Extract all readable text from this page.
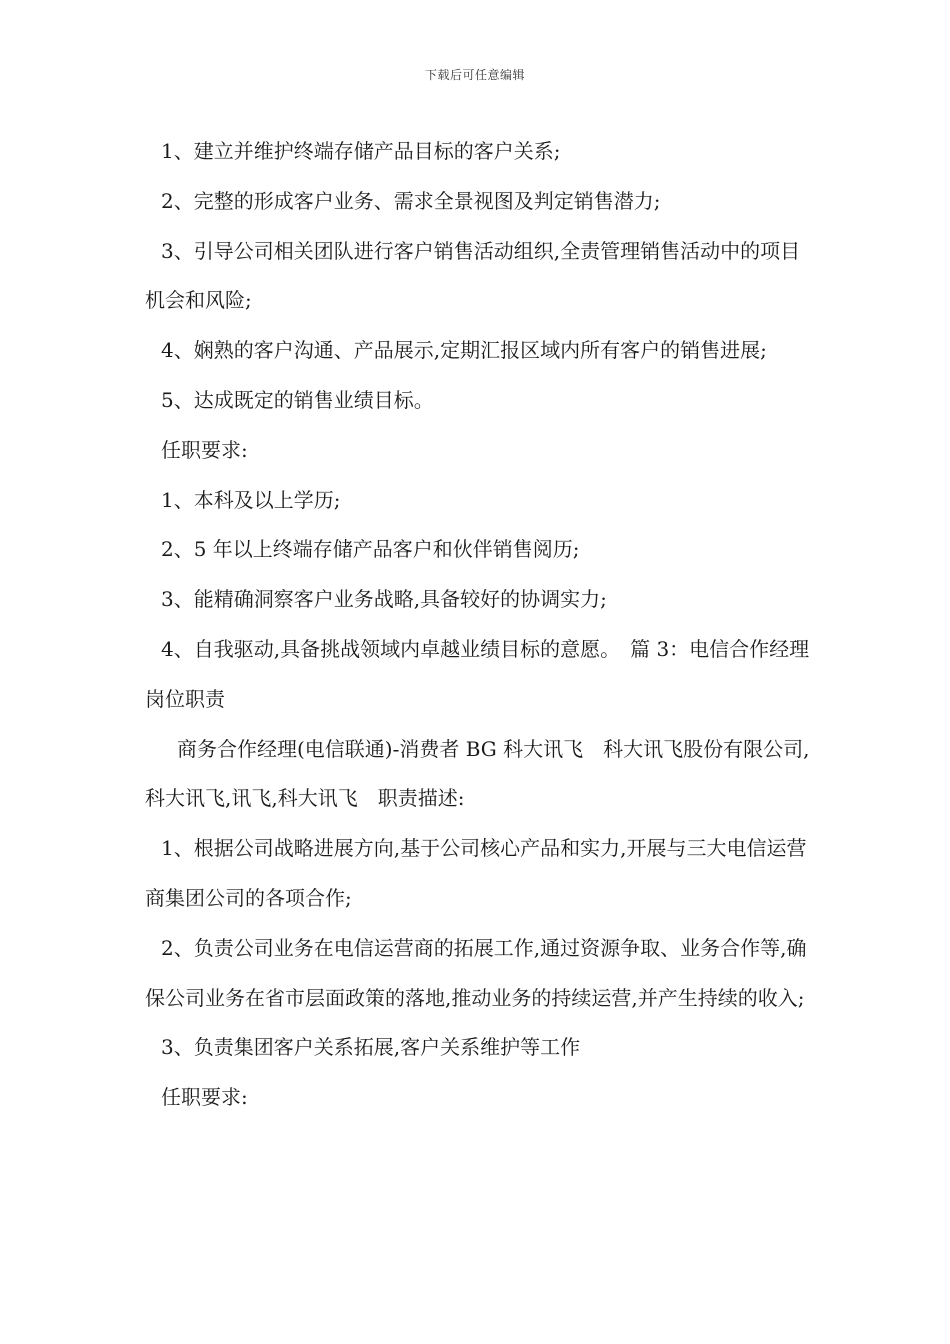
下载后可任意编辑

1、建立并维护终端存储产品目标的客户关系;

2、完整的形成客户业务、需求全景视图及判定销售潜力;

3、引导公司相关团队进行客户销售活动组织,全责管理销售活动中的项目机会和风险;

4、娴熟的客户沟通、产品展示,定期汇报区域内所有客户的销售进展;

5、达成既定的销售业绩目标。

任职要求:

1、本科及以上学历;

2、5 年以上终端存储产品客户和伙伴销售阅历;

3、能精确洞察客户业务战略,具备较好的协调实力;

4、自我驱动,具备挑战领域内卓越业绩目标的意愿。　篇 3：电信合作经理岗位职责

商务合作经理(电信联通)-消费者 BG 科大讯飞　科大讯飞股份有限公司,科大讯飞,讯飞,科大讯飞　职责描述:

1、根据公司战略进展方向,基于公司核心产品和实力,开展与三大电信运营商集团公司的各项合作;

2、负责公司业务在电信运营商的拓展工作,通过资源争取、业务合作等,确保公司业务在省市层面政策的落地,推动业务的持续运营,并产生持续的收入;

3、负责集团客户关系拓展,客户关系维护等工作

任职要求:
